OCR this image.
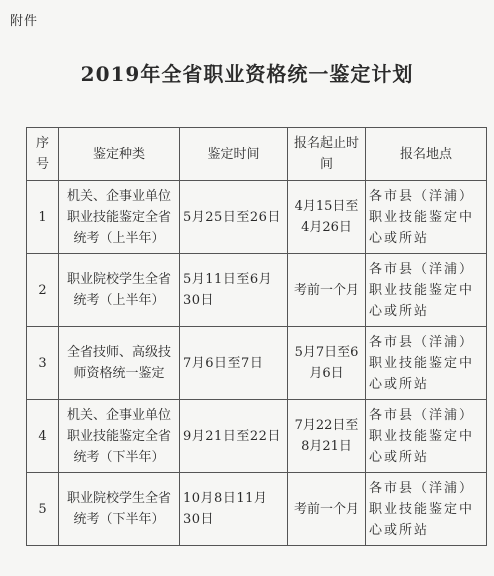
附件
2019年全省职业资格统一鉴定计划
序号	鉴定种类	鉴定时间	报名起止时间	报名地点
1	机关、企事业单位职业技能鉴定全省统考（上半年）	5月25日至26日	4月15日至4月26日	各市县（洋浦）职业技能鉴定中心或所站
2	职业院校学生全省统考（上半年）	5月11日至6月30日	考前一个月	各市县（洋浦）职业技能鉴定中心或所站
3	全省技师、高级技师资格统一鉴定	7月6日至7日	5月7日至6月6日	各市县（洋浦）职业技能鉴定中心或所站
4	机关、企事业单位职业技能鉴定全省统考（下半年）	9月21日至22日	7月22日至8月21日	各市县（洋浦）职业技能鉴定中心或所站
5	职业院校学生全省统考（下半年）	10月8日11月30日	考前一个月	各市县（洋浦）职业技能鉴定中心或所站
